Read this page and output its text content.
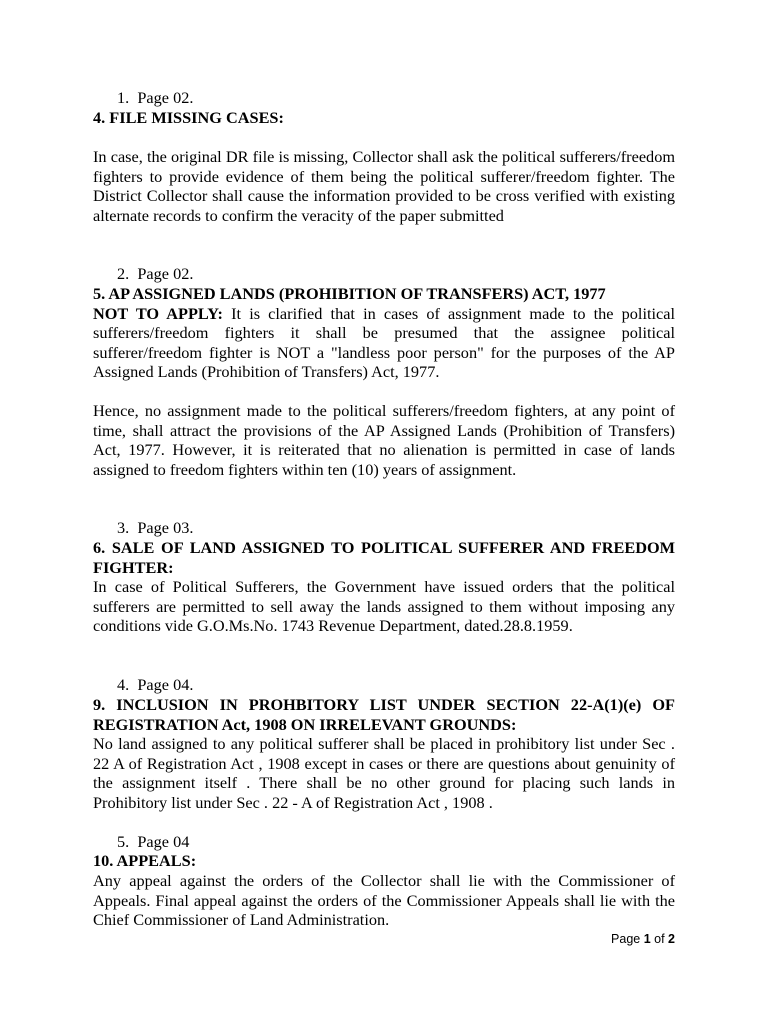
1.  Page 02.
4. FILE MISSING CASES:
In case, the original DR file is missing, Collector shall ask the political sufferers/freedom fighters to provide evidence of them being the political sufferer/freedom fighter. The District Collector shall cause the information provided to be cross verified with existing alternate records to confirm the veracity of the paper submitted
2.  Page 02.
5. AP ASSIGNED LANDS (PROHIBITION OF TRANSFERS) ACT, 1977
NOT TO APPLY: It is clarified that in cases of assignment made to the political sufferers/freedom fighters it shall be presumed that the assignee political sufferer/freedom fighter is NOT a "landless poor person" for the purposes of the AP Assigned Lands (Prohibition of Transfers) Act, 1977.
Hence, no assignment made to the political sufferers/freedom fighters, at any point of time, shall attract the provisions of the AP Assigned Lands (Prohibition of Transfers) Act, 1977. However, it is reiterated that no alienation is permitted in case of lands assigned to freedom fighters within ten (10) years of assignment.
3.  Page 03.
6. SALE OF LAND ASSIGNED TO POLITICAL SUFFERER AND FREEDOM FIGHTER:
In case of Political Sufferers, the Government have issued orders that the political sufferers are permitted to sell away the lands assigned to them without imposing any conditions vide G.O.Ms.No. 1743 Revenue Department, dated.28.8.1959.
4.  Page 04.
9. INCLUSION IN PROHBITORY LIST UNDER SECTION 22-A(1)(e) OF REGISTRATION Act, 1908 ON IRRELEVANT GROUNDS:
No land assigned to any political sufferer shall be placed in prohibitory list under Sec . 22 A of Registration Act , 1908 except in cases or there are questions about genuinity of the assignment itself . There shall be no other ground for placing such lands in Prohibitory list under Sec . 22 - A of Registration Act , 1908 .
5.  Page 04
10. APPEALS:
Any appeal against the orders of the Collector shall lie with the Commissioner of Appeals. Final appeal against the orders of the Commissioner Appeals shall lie with the Chief Commissioner of Land Administration.
Page 1 of 2
